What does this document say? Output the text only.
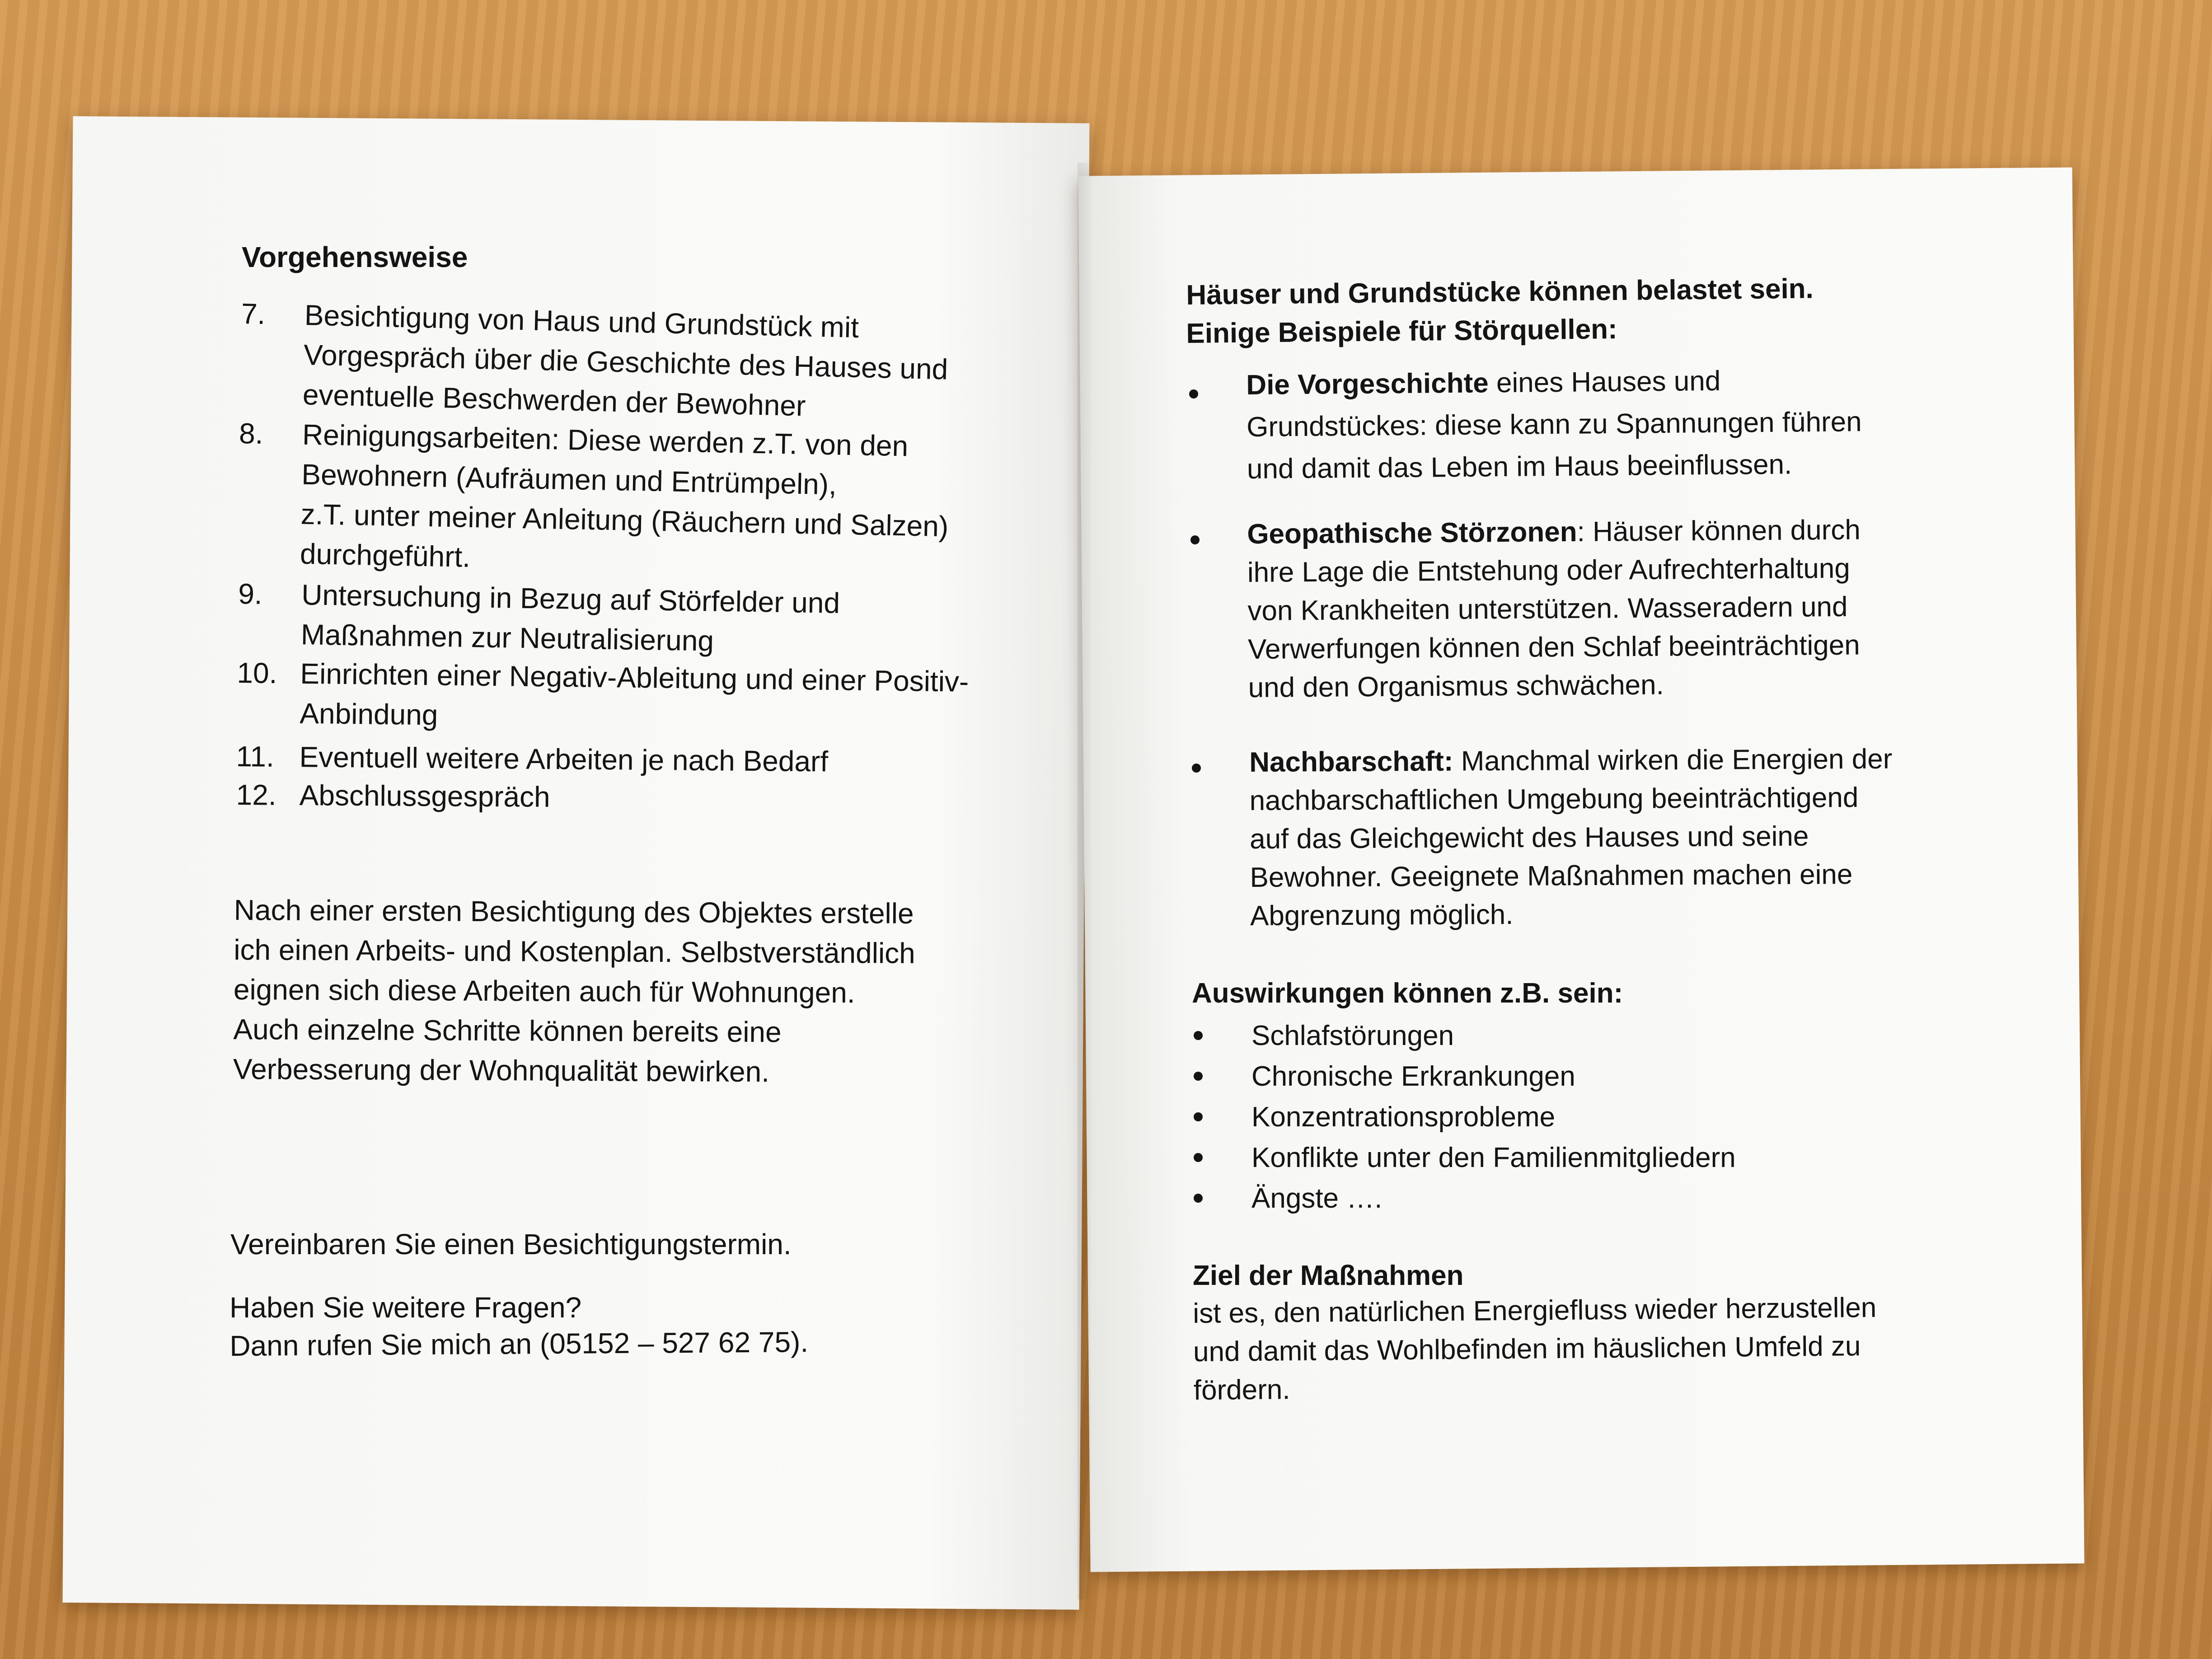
Vorgehensweise
7. Besichtigung von Haus und Grundstück mit
Vorgespräch über die Geschichte des Hauses und
eventuelle Beschwerden der Bewohner
8. Reinigungsarbeiten: Diese werden z.T. von den
Bewohnern (Aufräumen und Entrümpeln),
z.T. unter meiner Anleitung (Räuchern und Salzen)
durchgeführt.
9. Untersuchung in Bezug auf Störfelder und
Maßnahmen zur Neutralisierung
10. Einrichten einer Negativ-Ableitung und einer Positiv-
Anbindung
11. Eventuell weitere Arbeiten je nach Bedarf
12. Abschlussgespräch
Nach einer ersten Besichtigung des Objektes erstelle
ich einen Arbeits- und Kostenplan. Selbstverständlich
eignen sich diese Arbeiten auch für Wohnungen.
Auch einzelne Schritte können bereits eine
Verbesserung der Wohnqualität bewirken.
Vereinbaren Sie einen Besichtigungstermin.
Haben Sie weitere Fragen?
Dann rufen Sie mich an (05152 – 527 62 75).
Häuser und Grundstücke können belastet sein.
Einige Beispiele für Störquellen:
Die Vorgeschichte eines Hauses und
Grundstückes: diese kann zu Spannungen führen
und damit das Leben im Haus beeinflussen.
Geopathische Störzonen: Häuser können durch
ihre Lage die Entstehung oder Aufrechterhaltung
von Krankheiten unterstützen. Wasseradern und
Verwerfungen können den Schlaf beeinträchtigen
und den Organismus schwächen.
Nachbarschaft: Manchmal wirken die Energien der
nachbarschaftlichen Umgebung beeinträchtigend
auf das Gleichgewicht des Hauses und seine
Bewohner. Geeignete Maßnahmen machen eine
Abgrenzung möglich.
Auswirkungen können z.B. sein:
Schlafstörungen
Chronische Erkrankungen
Konzentrationsprobleme
Konflikte unter den Familienmitgliedern
Ängste ….
Ziel der Maßnahmen
ist es, den natürlichen Energiefluss wieder herzustellen
und damit das Wohlbefinden im häuslichen Umfeld zu
fördern.
